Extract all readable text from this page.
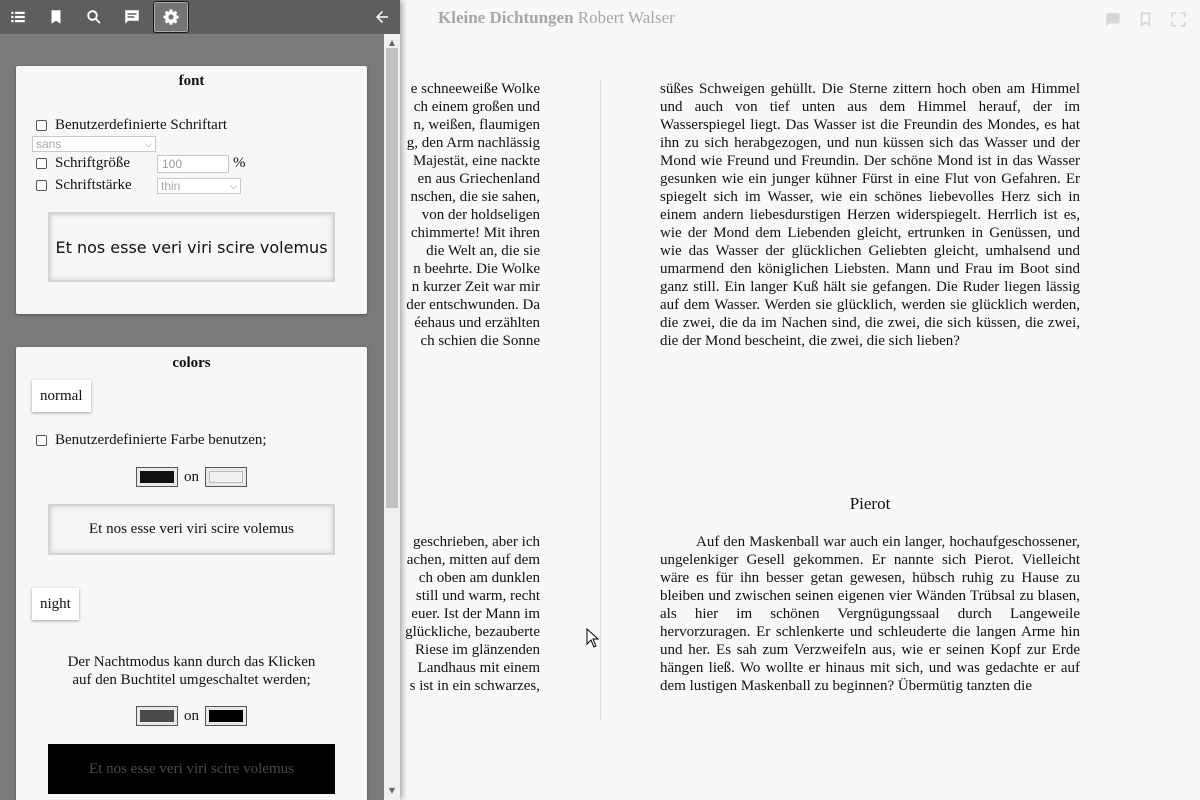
Kleine Dichtungen Robert Walser
e schneeweiße Wolke
ch einem großen und
n, weißen, flaumigen
g, den Arm nachlässig
Majestät, eine nackte
en aus Griechenland
nschen, die sie sahen,
von der holdseligen
chimmerte! Mit ihren
die Welt an, die sie
n beehrte. Die Wolke
n kurzer Zeit war mir
der entschwunden. Da
éehaus und erzählten
ch schien die Sonne
geschrieben, aber ich
achen, mitten auf dem
ch oben am dunklen
still und warm, recht
euer. Ist der Mann im
glückliche, bezauberte
Riese im glänzenden
Landhaus mit einem
s ist in ein schwarzes,

süßes Schweigen gehüllt. Die Sterne zittern hoch oben am Himmel und auch von tief unten aus dem Himmel herauf, der im Wasserspiegel liegt. Das Wasser ist die Freundin des Mondes, es hat ihn zu sich herabgezogen, und nun küssen sich das Wasser und der Mond wie Freund und Freundin. Der schöne Mond ist in das Wasser gesunken wie ein junger kühner Fürst in eine Flut von Gefahren. Er spiegelt sich im Wasser, wie ein schönes liebevolles Herz sich in einem andern liebesdurstigen Herzen widerspiegelt. Herrlich ist es, wie der Mond dem Liebenden gleicht, ertrunken in Genüssen, und wie das Wasser der glücklichen Geliebten gleicht, umhalsend und umarmend den königlichen Liebsten. Mann und Frau im Boot sind ganz still. Ein langer Kuß hält sie gefangen. Die Ruder liegen lässig auf dem Wasser. Werden sie glücklich, werden sie glücklich werden, die zwei, die da im Nachen sind, die zwei, die sich küssen, die zwei, die der Mond bescheint, die zwei, die sich lieben?

Pierot

Auf den Maskenball war auch ein langer, hochaufgeschossener, ungelenkiger Gesell gekommen. Er nannte sich Pierot. Vielleicht wäre es für ihn besser getan gewesen, hübsch ruhig zu Hause zu bleiben und zwischen seinen eigenen vier Wänden Trübsal zu blasen, als hier im schönen Vergnügungssaal durch Langeweile hervorzuragen. Er schlenkerte und schleuderte die langen Arme hin und her. Es sah zum Verzweifeln aus, wie er seinen Kopf zur Erde hängen ließ. Wo wollte er hinaus mit sich, und was gedachte er auf dem lustigen Maskenball zu beginnen? Übermütig tanzten die

font
Benutzerdefinierte Schriftart
sans	⌵
Schriftgröße	100	%
Schriftstärke	thin	⌵
Et nos esse veri viri scire volemus
colors
normal
Benutzerdefinierte Farbe benutzen;
on
Et nos esse veri viri scire volemus
night
Der Nachtmodus kann durch das Klicken
auf den Buchtitel umgeschaltet werden;
on
Et nos esse veri viri scire volemus
▲
▼
